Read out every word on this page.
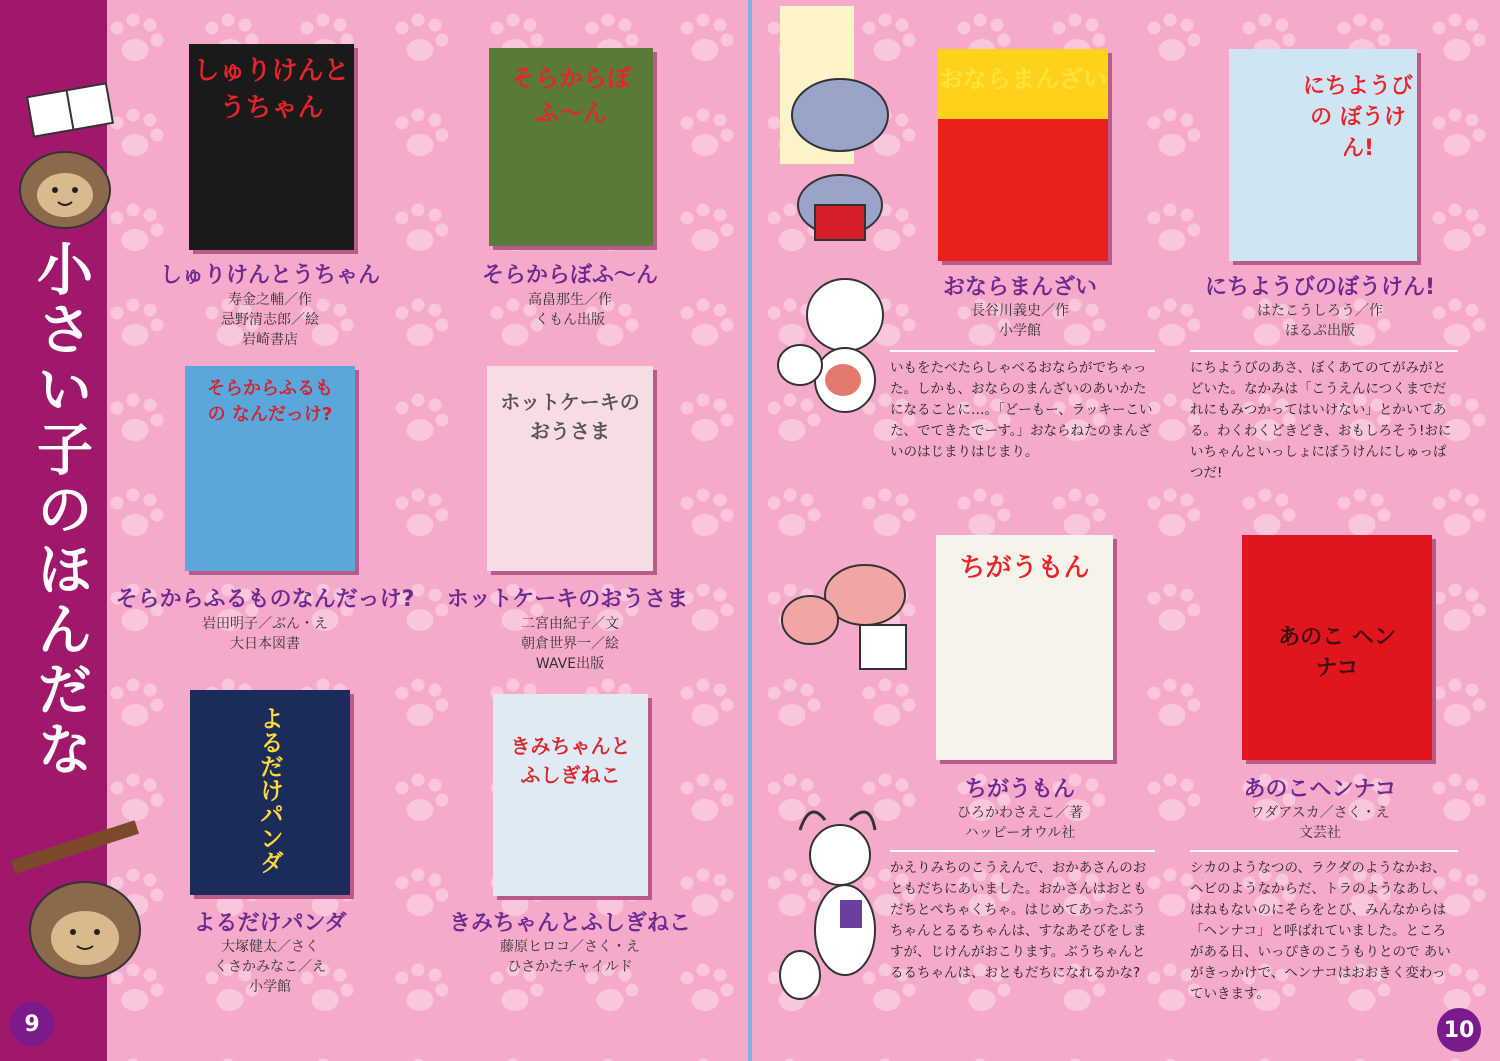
小さい子のほんだな
しゅりけんとうちゃん
しゅりけんとうちゃん
寿金之輔／作
忌野清志郎／絵
岩崎書店
そらからぼふ〜ん
そらからぼふ〜ん
高畠那生／作
くもん出版
そらからふるもの なんだっけ?
そらからふるものなんだっけ?
岩田明子／ぶん・え
大日本図書
ホットケーキのおうさま
ホットケーキのおうさま
二宮由紀子／文
朝倉世界一／絵
WAVE出版
よるだけパンダ
よるだけパンダ
大塚健太／さく
くさかみなこ／え
小学館
きみちゃんと ふしぎねこ
きみちゃんとふしぎねこ
藤原ヒロコ／さく・え
ひさかたチャイルド
9	10
おならまんざい
おならまんざい
長谷川義史／作
小学館
いもをたべたらしゃべるおならがでちゃった。しかも、おならのまんざいのあいかたになることに…。「どーもー、ラッキーこいた、でてきたでーす。」おならねたのまんざいのはじまりはじまり。
にちようびの ぼうけん!
にちようびのぼうけん!
はたこうしろう／作
ほるぷ出版
にちようびのあさ、ぼくあてのてがみがとどいた。なかみは「こうえんにつくまでだれにもみつかってはいけない」とかいてある。わくわくどきどき、おもしろそう!おにいちゃんといっしょにぼうけんにしゅっぱつだ!
ちがうもん
ちがうもん
ひろかわさえこ／著
ハッピーオウル社
かえりみちのこうえんで、おかあさんのおともだちにあいました。おかさんはおともだちとぺちゃくちゃ。はじめてあったぶうちゃんとるるちゃんは、すなあそびをしますが、じけんがおこります。ぶうちゃんとるるちゃんは、おともだちになれるかな?
あのこ ヘンナコ
あのこヘンナコ
ワダアスカ／さく・え
文芸社
シカのようなつの、ラクダのようなかお、ヘビのようなからだ、トラのようなあし、はねもないのにそらをとび、みんなからは「ヘンナコ」と呼ばれていました。ところがある日、いっぴきのこうもりとので あいがきっかけで、ヘンナコはおおきく変わっていきます。
